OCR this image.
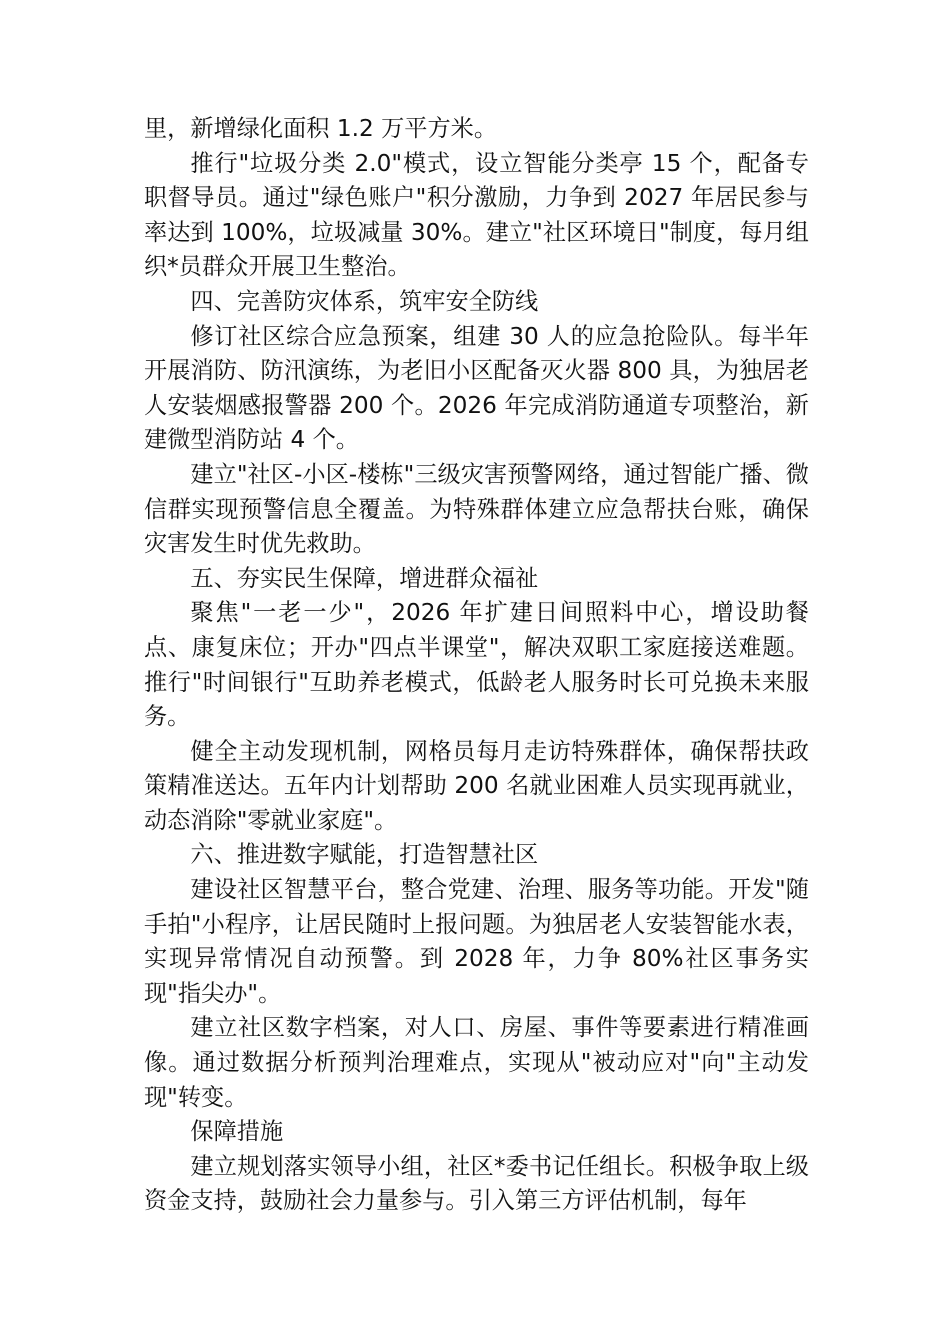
里，新增绿化面积 1.2 万平方米。

推行"垃圾分类 2.0"模式，设立智能分类亭 15 个，配备专职督导员。通过"绿色账户"积分激励，力争到 2027 年居民参与率达到 100%，垃圾减量 30%。建立"社区环境日"制度，每月组织*员群众开展卫生整治。

四、完善防灾体系，筑牢安全防线

修订社区综合应急预案，组建 30 人的应急抢险队。每半年开展消防、防汛演练，为老旧小区配备灭火器 800 具，为独居老人安装烟感报警器 200 个。2026 年完成消防通道专项整治，新建微型消防站 4 个。

建立"社区-小区-楼栋"三级灾害预警网络，通过智能广播、微信群实现预警信息全覆盖。为特殊群体建立应急帮扶台账，确保灾害发生时优先救助。

五、夯实民生保障，增进群众福祉

聚焦"一老一少"，2026 年扩建日间照料中心，增设助餐点、康复床位；开办"四点半课堂"，解决双职工家庭接送难题。推行"时间银行"互助养老模式，低龄老人服务时长可兑换未来服务。

健全主动发现机制，网格员每月走访特殊群体，确保帮扶政策精准送达。五年内计划帮助 200 名就业困难人员实现再就业，动态消除"零就业家庭"。

六、推进数字赋能，打造智慧社区

建设社区智慧平台，整合党建、治理、服务等功能。开发"随手拍"小程序，让居民随时上报问题。为独居老人安装智能水表，实现异常情况自动预警。到 2028 年，力争 80%社区事务实现"指尖办"。

建立社区数字档案，对人口、房屋、事件等要素进行精准画像。通过数据分析预判治理难点，实现从"被动应对"向"主动发现"转变。

保障措施

建立规划落实领导小组，社区*委书记任组长。积极争取上级资金支持，鼓励社会力量参与。引入第三方评估机制，每年
